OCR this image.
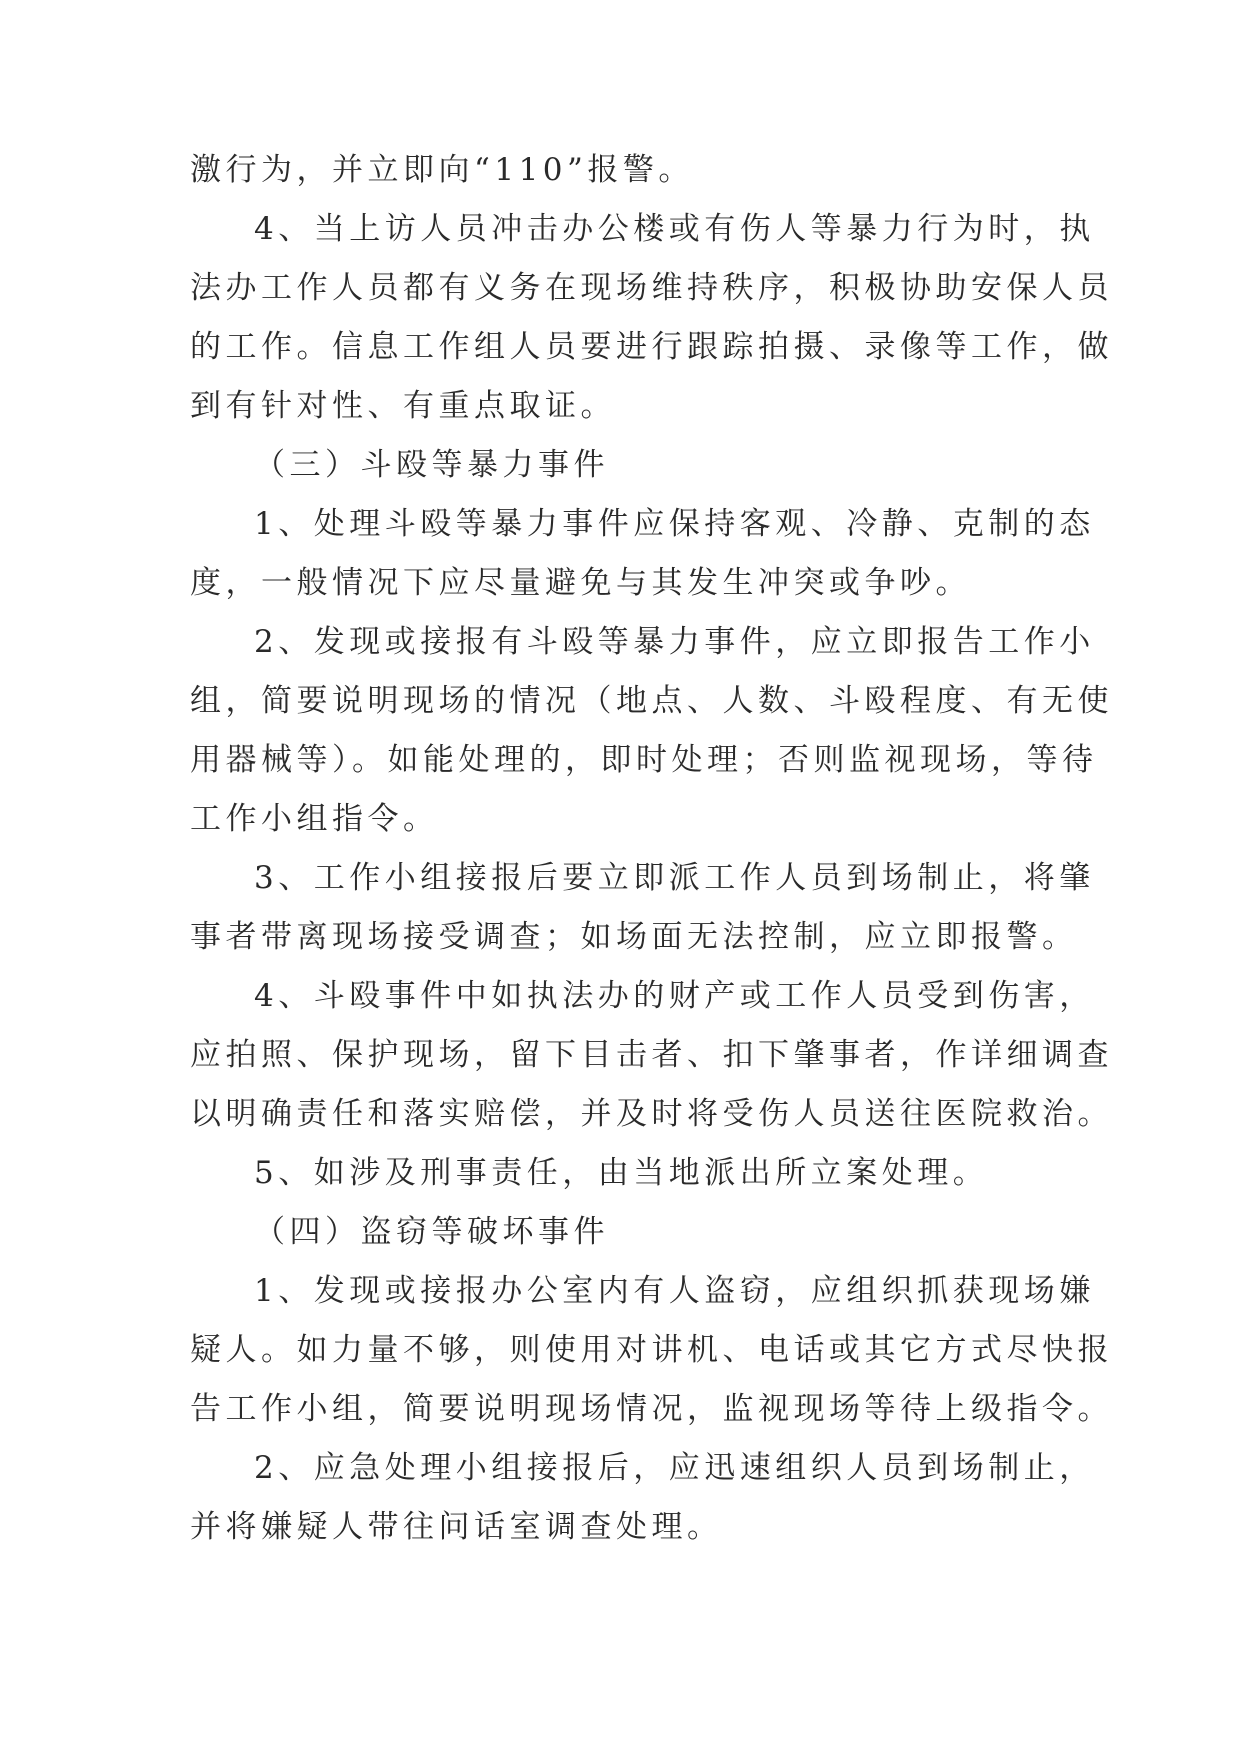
激行为，并立即向“110”报警。
4、当上访人员冲击办公楼或有伤人等暴力行为时，执
法办工作人员都有义务在现场维持秩序，积极协助安保人员
的工作。信息工作组人员要进行跟踪拍摄、录像等工作，做
到有针对性、有重点取证。
（三）斗殴等暴力事件
1、处理斗殴等暴力事件应保持客观、冷静、克制的态
度，一般情况下应尽量避免与其发生冲突或争吵。
2、发现或接报有斗殴等暴力事件，应立即报告工作小
组，简要说明现场的情况（地点、人数、斗殴程度、有无使
用器械等）。如能处理的，即时处理；否则监视现场，等待
工作小组指令。
3、工作小组接报后要立即派工作人员到场制止，将肇
事者带离现场接受调查；如场面无法控制，应立即报警。
4、斗殴事件中如执法办的财产或工作人员受到伤害，
应拍照、保护现场，留下目击者、扣下肇事者，作详细调查
以明确责任和落实赔偿，并及时将受伤人员送往医院救治。
5、如涉及刑事责任，由当地派出所立案处理。
（四）盗窃等破坏事件
1、发现或接报办公室内有人盗窃，应组织抓获现场嫌
疑人。如力量不够，则使用对讲机、电话或其它方式尽快报
告工作小组，简要说明现场情况，监视现场等待上级指令。
2、应急处理小组接报后，应迅速组织人员到场制止，
并将嫌疑人带往问话室调查处理。
